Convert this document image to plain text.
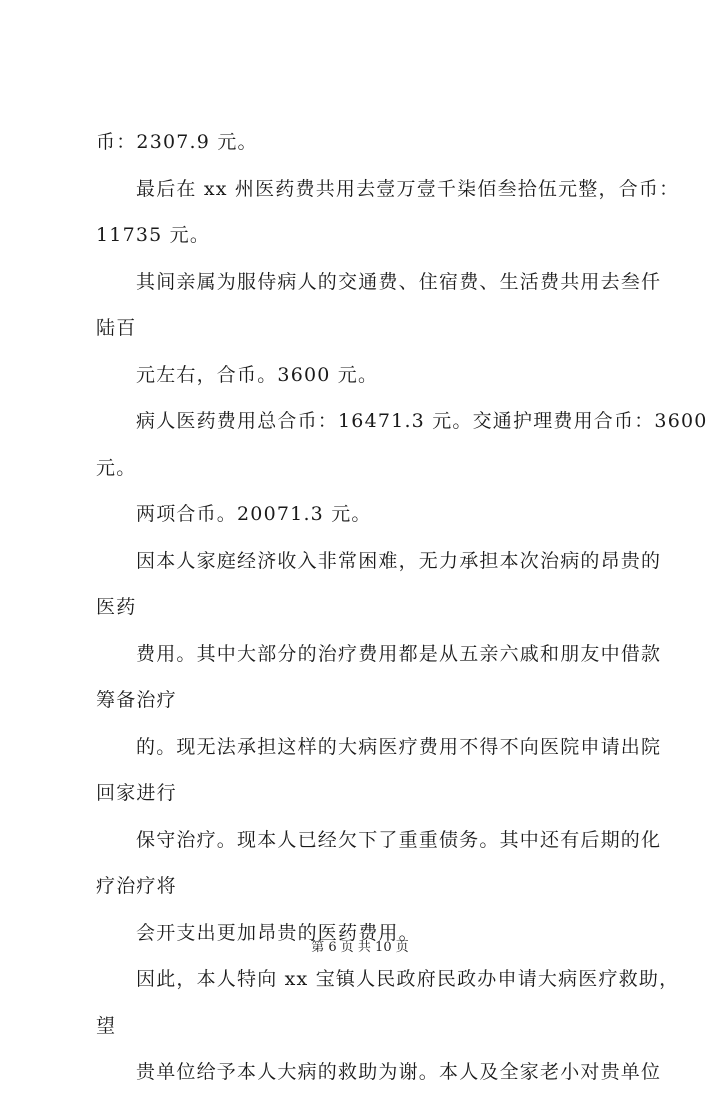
币：2307.9 元。
最后在 xx 州医药费共用去壹万壹千柒佰叁拾伍元整，合币：
11735 元。
其间亲属为服侍病人的交通费、住宿费、生活费共用去叁仟
陆百
元左右，合币。3600 元。
病人医药费用总合币：16471.3 元。交通护理费用合币：3600
元。
两项合币。20071.3 元。
因本人家庭经济收入非常困难，无力承担本次治病的昂贵的
医药
费用。其中大部分的治疗费用都是从五亲六戚和朋友中借款
筹备治疗
的。现无法承担这样的大病医疗费用不得不向医院申请出院
回家进行
保守治疗。现本人已经欠下了重重债务。其中还有后期的化
疗治疗将
会开支出更加昂贵的医药费用。
因此，本人特向 xx 宝镇人民政府民政办申请大病医疗救助，
望
贵单位给予本人大病的救助为谢。本人及全家老小对贵单位
第 6 页 共 10 页
